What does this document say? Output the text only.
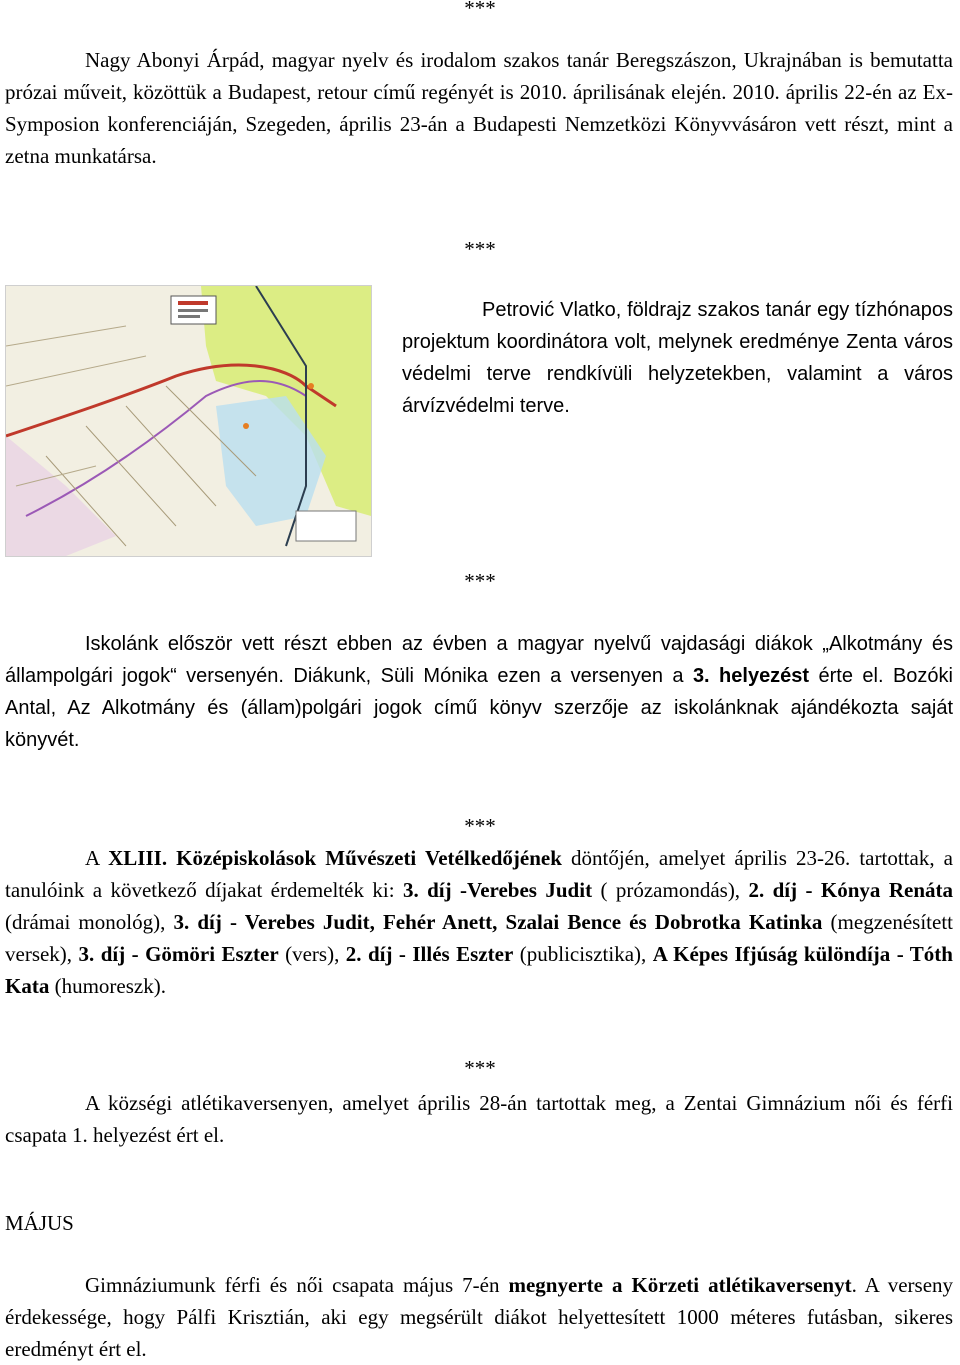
***
Nagy Abonyi Árpád, magyar nyelv és irodalom szakos tanár Beregszászon, Ukrajnában is bemutatta prózai műveit, közöttük a Budapest, retour című regényét is 2010. áprilisának elején. 2010. április 22-én az Ex-Symposion konferenciáján, Szegeden, április 23-án a Budapesti Nemzetközi Könyvvásáron vett részt, mint a zetna munkatársa.
***
Petrović Vlatko, földrajz szakos tanár egy tízhónapos projektum koordinátora volt, melynek eredménye Zenta város védelmi terve rendkívüli helyzetekben, valamint a város árvízvédelmi terve.
***
Iskolánk először vett részt ebben az évben a magyar nyelvű vajdasági diákok „Alkotmány és állampolgári jogok“ versenyén. Diákunk, Süli Mónika ezen a versenyen a 3. helyezést érte el. Bozóki Antal, Az Alkotmány és (állam)polgári jogok című könyv szerzője az iskolánknak ajándékozta saját könyvét.
***
A XLIII. Középiskolások Művészeti Vetélkedőjének döntőjén, amelyet április 23-26. tartottak, a tanulóink a következő díjakat érdemelték ki: 3. díj -Verebes Judit ( prózamondás), 2. díj - Kónya Renáta (drámai monológ), 3. díj - Verebes Judit, Fehér Anett, Szalai Bence és Dobrotka Katinka (megzenésített versek), 3. díj - Gömöri Eszter (vers), 2. díj - Illés Eszter (publicisztika), A Képes Ifjúság különdíja - Tóth Kata (humoreszk).
***
A községi atlétikaversenyen, amelyet április 28-án tartottak meg, a Zentai Gimnázium női és férfi csapata 1. helyezést ért el.
MÁJUS
Gimnáziumunk férfi és női csapata május 7-én megnyerte a Körzeti atlétikaversenyt. A verseny érdekessége, hogy Pálfi Krisztián, aki egy megsérült diákot helyettesített 1000 méteres futásban, sikeres eredményt ért el.
